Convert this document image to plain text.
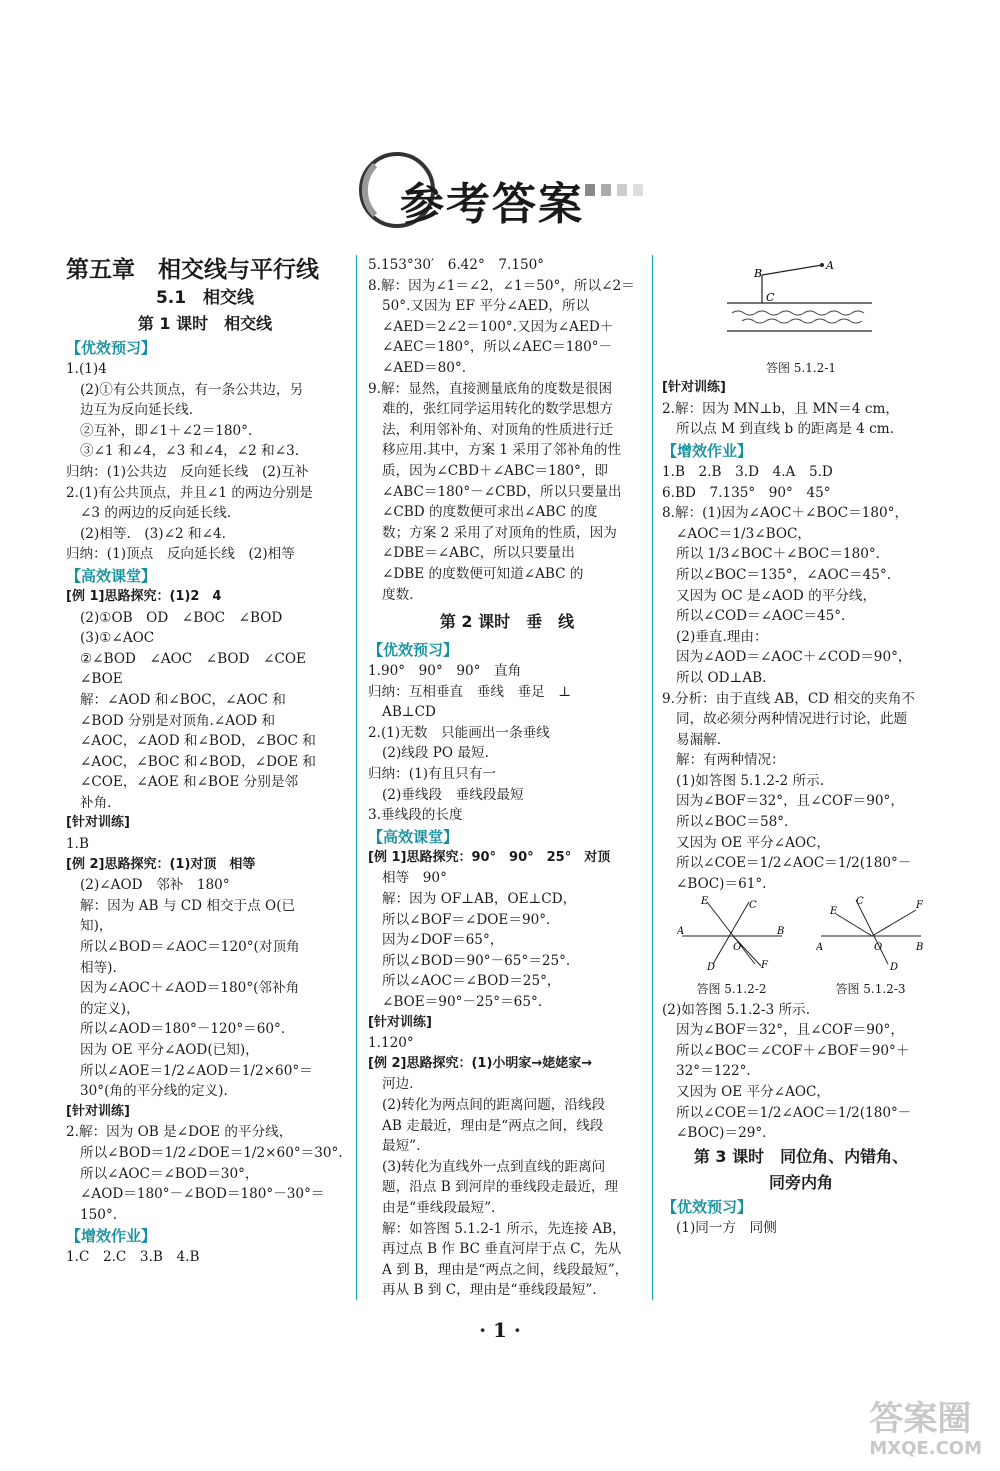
参考答案
第五章　相交线与平行线
5.1　相交线
第 1 课时　相交线
【优效预习】
1.(1)4
(2)①有公共顶点，有一条公共边，另
边互为反向延长线.
②互补，即∠1＋∠2＝180°.
③∠1 和∠4，∠3 和∠4，∠2 和∠3.
归纳：(1)公共边　反向延长线　(2)互补
2.(1)有公共顶点，并且∠1 的两边分别是
∠3 的两边的反向延长线.
(2)相等.　(3)∠2 和∠4.
归纳：(1)顶点　反向延长线　(2)相等
【高效课堂】
[例 1]思路探究：(1)2　4
(2)①OB　OD　∠BOC　∠BOD
(3)①∠AOC
②∠BOD　∠AOC　∠BOD　∠COE
∠BOE
解：∠AOD 和∠BOC，∠AOC 和
∠BOD 分别是对顶角.∠AOD 和
∠AOC，∠AOD 和∠BOD，∠BOC 和
∠AOC，∠BOC 和∠BOD，∠DOE 和
∠COE，∠AOE 和∠BOE 分别是邻
补角.
[针对训练]
1.B
[例 2]思路探究：(1)对顶　相等
(2)∠AOD　邻补　180°
解：因为 AB 与 CD 相交于点 O(已
知)，
所以∠BOD＝∠AOC＝120°(对顶角
相等).
因为∠AOC＋∠AOD＝180°(邻补角
的定义)，
所以∠AOD＝180°－120°＝60°.
因为 OE 平分∠AOD(已知)，
所以∠AOE＝1/2∠AOD＝1/2×60°＝
30°(角的平分线的定义).
[针对训练]
2.解：因为 OB 是∠DOE 的平分线，
所以∠BOD＝1/2∠DOE＝1/2×60°＝30°.
所以∠AOC＝∠BOD＝30°，
∠AOD＝180°－∠BOD＝180°－30°＝
150°.
【增效作业】
1.C　2.C　3.B　4.B
5.153°30′　6.42°　7.150°
8.解：因为∠1＝∠2，∠1＝50°，所以∠2＝
50°.又因为 EF 平分∠AED，所以
∠AED＝2∠2＝100°.又因为∠AED＋
∠AEC＝180°，所以∠AEC＝180°－
∠AED＝80°.
9.解：显然，直接测量底角的度数是很困
难的，张红同学运用转化的数学思想方
法，利用邻补角、对顶角的性质进行迁
移应用.其中，方案 1 采用了邻补角的性
质，因为∠CBD＋∠ABC＝180°，即
∠ABC＝180°－∠CBD，所以只要量出
∠CBD 的度数便可求出∠ABC 的度
数；方案 2 采用了对顶角的性质，因为
∠DBE＝∠ABC，所以只要量出
∠DBE 的度数便可知道∠ABC 的
度数.
第 2 课时　垂　线
【优效预习】
1.90°　90°　90°　直角
归纳：互相垂直　垂线　垂足　⊥
AB⊥CD
2.(1)无数　只能画出一条垂线
(2)线段 PO 最短.
归纳：(1)有且只有一
(2)垂线段　垂线段最短
3.垂线段的长度
【高效课堂】
[例 1]思路探究：90°　90°　25°　对顶
相等　90°
解：因为 OF⊥AB，OE⊥CD，
所以∠BOF＝∠DOE＝90°.
因为∠DOF＝65°，
所以∠BOD＝90°－65°＝25°.
所以∠AOC＝∠BOD＝25°，
∠BOE＝90°－25°＝65°.
[针对训练]
1.120°
[例 2]思路探究：(1)小明家→姥姥家→
河边.
(2)转化为两点间的距离问题，沿线段
AB 走最近，理由是“两点之间，线段
最短”.
(3)转化为直线外一点到直线的距离问
题，沿点 B 到河岸的垂线段走最近，理
由是“垂线段最短”.
解：如答图 5.1.2-1 所示，先连接 AB，
再过点 B 作 BC 垂直河岸于点 C，先从
A 到 B，理由是“两点之间，线段最短”，
再从 B 到 C，理由是“垂线段最短”.
A
B
C
答图 5.1.2-1
[针对训练]
2.解：因为 MN⊥b，且 MN＝4 cm，
所以点 M 到直线 b 的距离是 4 cm.
【增效作业】
1.B　2.B　3.D　4.A　5.D
6.BD　7.135°　90°　45°
8.解：(1)因为∠AOC＋∠BOC＝180°，
∠AOC＝1/3∠BOC，
所以 1/3∠BOC＋∠BOC＝180°.
所以∠BOC＝135°，∠AOC＝45°.
又因为 OC 是∠AOD 的平分线，
所以∠COD＝∠AOC＝45°.
(2)垂直.理由：
因为∠AOD＝∠AOC＋∠COD＝90°，
所以 OD⊥AB.
9.分析：由于直线 AB，CD 相交的夹角不
同，故必须分两种情况进行讨论，此题
易漏解.
解：有两种情况：
(1)如答图 5.1.2-2 所示.
因为∠BOF＝32°，且∠COF＝90°，
所以∠BOC＝58°.
又因为 OE 平分∠AOC，
所以∠COE＝1/2∠AOC＝1/2(180°－
∠BOC)＝61°.
A	B
E	C
O
D	F
答图 5.1.2-2
A	B
E
C
O
D
F
答图 5.1.2-3
(2)如答图 5.1.2-3 所示.
因为∠BOF＝32°，且∠COF＝90°，
所以∠BOC＝∠COF＋∠BOF＝90°＋
32°＝122°.
又因为 OE 平分∠AOC，
所以∠COE＝1/2∠AOC＝1/2(180°－
∠BOC)＝29°.
第 3 课时　同位角、内错角、
同旁内角
【优效预习】
(1)同一方　同侧
· 1 ·
答案圈
MXQE.COM
